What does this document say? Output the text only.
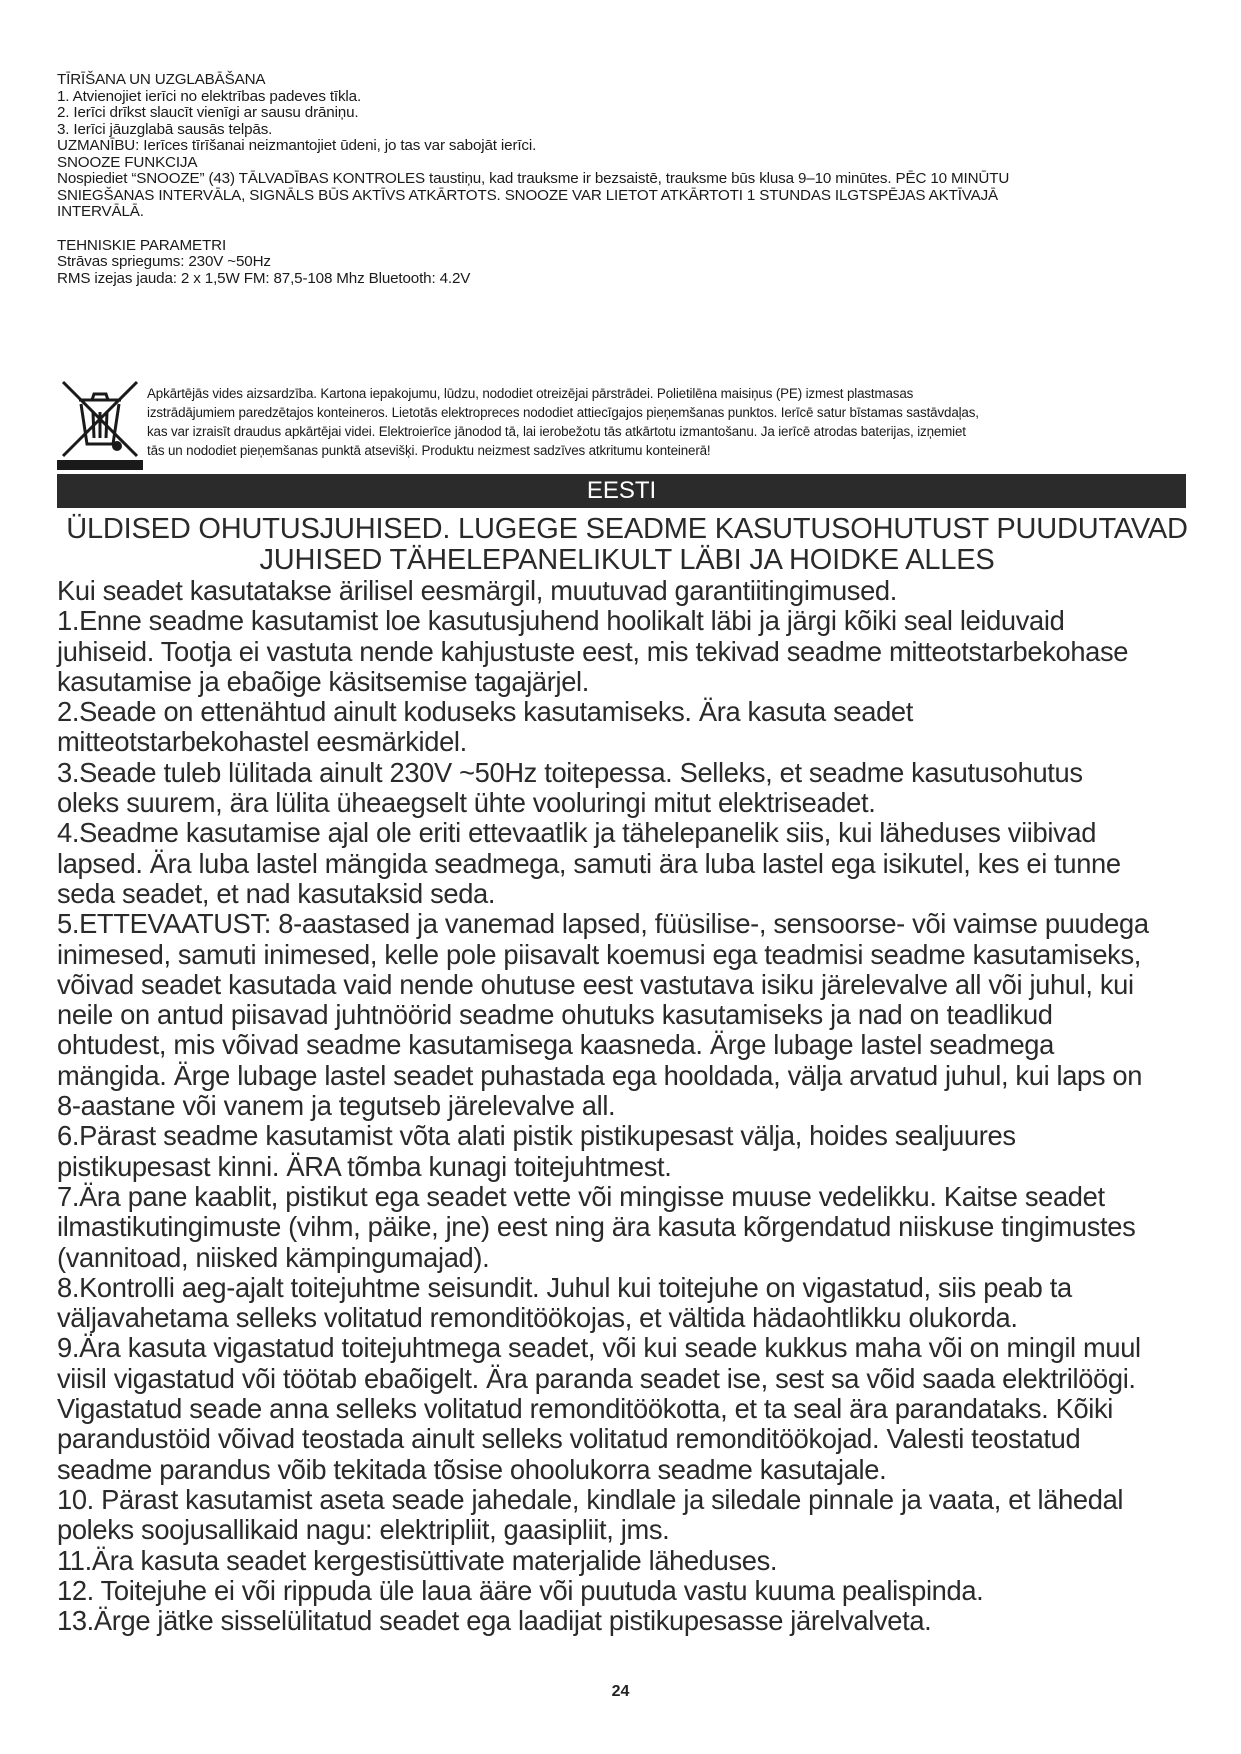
TĪRĪŠANA UN UZGLABĀŠANA
1. Atvienojiet ierīci no elektrības padeves tīkla.
2. Ierīci drīkst slaucīt vienīgi ar sausu drāniņu.
3. Ierīci jāuzglabā sausās telpās.
UZMANĪBU: Ierīces tīrīšanai neizmantojiet ūdeni, jo tas var sabojāt ierīci.
SNOOZE FUNKCIJA
Nospiediet “SNOOZE” (43) TĀLVADĪBAS KONTROLES taustiņu, kad trauksme ir bezsaistē, trauksme būs klusa 9–10 minūtes. PĒC 10 MINŪTU
SNIEGŠANAS INTERVĀLA, SIGNĀLS BŪS AKTĪVS ATKĀRTOTS. SNOOZE VAR LIETOT ATKĀRTOTI 1 STUNDAS ILGTSPĒJAS AKTĪVAJĀ
INTERVĀLĀ.
TEHNISKIE PARAMETRI
Strāvas spriegums: 230V ~50Hz
RMS izejas jauda: 2 x 1,5W FM: 87,5-108 Mhz Bluetooth: 4.2V
Apkārtējās vides aizsardzība. Kartona iepakojumu, lūdzu, nododiet otreizējai pārstrādei. Polietilēna maisiņus (PE) izmest plastmasas
izstrādājumiem paredzētajos konteineros. Lietotās elektropreces nododiet attiecīgajos pieņemšanas punktos. Ierīcē satur bīstamas sastāvdaļas,
kas var izraisīt draudus apkārtējai videi. Elektroierīce jānodod tā, lai ierobežotu tās atkārtotu izmantošanu. Ja ierīcē atrodas baterijas, izņemiet
tās un nododiet pieņemšanas punktā atsevišķi. Produktu neizmest sadzīves atkritumu konteinerā!
EESTI
ÜLDISED OHUTUSJUHISED. LUGEGE SEADME KASUTUSOHUTUST PUUDUTAVAD
JUHISED TÄHELEPANELIKULT LÄBI JA HOIDKE ALLES
Kui seadet kasutatakse ärilisel eesmärgil, muutuvad garantiitingimused.
1.Enne seadme kasutamist loe kasutusjuhend hoolikalt läbi ja järgi kõiki seal leiduvaid
juhiseid. Tootja ei vastuta nende kahjustuste eest, mis tekivad seadme mitteotstarbekohase
kasutamise ja ebaõige käsitsemise tagajärjel.
2.Seade on ettenähtud ainult koduseks kasutamiseks. Ära kasuta seadet
mitteotstarbekohastel eesmärkidel.
3.Seade tuleb lülitada ainult 230V ~50Hz toitepessa. Selleks, et seadme kasutusohutus
oleks suurem, ära lülita üheaegselt ühte vooluringi mitut elektriseadet.
4.Seadme kasutamise ajal ole eriti ettevaatlik ja tähelepanelik siis, kui läheduses viibivad
lapsed. Ära luba lastel mängida seadmega, samuti ära luba lastel ega isikutel, kes ei tunne
seda seadet, et nad kasutaksid seda.
5.ETTEVAATUST: 8-aastased ja vanemad lapsed, füüsilise-, sensoorse- või vaimse puudega
inimesed, samuti inimesed, kelle pole piisavalt koemusi ega teadmisi seadme kasutamiseks,
võivad seadet kasutada vaid nende ohutuse eest vastutava isiku järelevalve all või juhul, kui
neile on antud piisavad juhtnöörid seadme ohutuks kasutamiseks ja nad on teadlikud
ohtudest, mis võivad seadme kasutamisega kaasneda. Ärge lubage lastel seadmega
mängida. Ärge lubage lastel seadet puhastada ega hooldada, välja arvatud juhul, kui laps on
8-aastane või vanem ja tegutseb järelevalve all.
6.Pärast seadme kasutamist võta alati pistik pistikupesast välja, hoides sealjuures
pistikupesast kinni. ÄRA tõmba kunagi toitejuhtmest.
7.Ära pane kaablit, pistikut ega seadet vette või mingisse muuse vedelikku. Kaitse seadet
ilmastikutingimuste (vihm, päike, jne) eest ning ära kasuta kõrgendatud niiskuse tingimustes
(vannitoad, niisked kämpingumajad).
8.Kontrolli aeg-ajalt toitejuhtme seisundit. Juhul kui toitejuhe on vigastatud, siis peab ta
väljavahetama selleks volitatud remonditöökojas, et vältida hädaohtlikku olukorda.
9.Ära kasuta vigastatud toitejuhtmega seadet, või kui seade kukkus maha või on mingil muul
viisil vigastatud või töötab ebaõigelt. Ära paranda seadet ise, sest sa võid saada elektrilöögi.
Vigastatud seade anna selleks volitatud remonditöökotta, et ta seal ära parandataks. Kõiki
parandustöid võivad teostada ainult selleks volitatud remonditöökojad. Valesti teostatud
seadme parandus võib tekitada tõsise ohoolukorra seadme kasutajale.
10. Pärast kasutamist aseta seade jahedale, kindlale ja siledale pinnale ja vaata, et lähedal
poleks soojusallikaid nagu: elektripliit, gaasipliit, jms.
11.Ära kasuta seadet kergestisüttivate materjalide läheduses.
12. Toitejuhe ei või rippuda üle laua ääre või puutuda vastu kuuma pealispinda.
13.Ärge jätke sisselülitatud seadet ega laadijat pistikupesasse järelvalveta.
24
